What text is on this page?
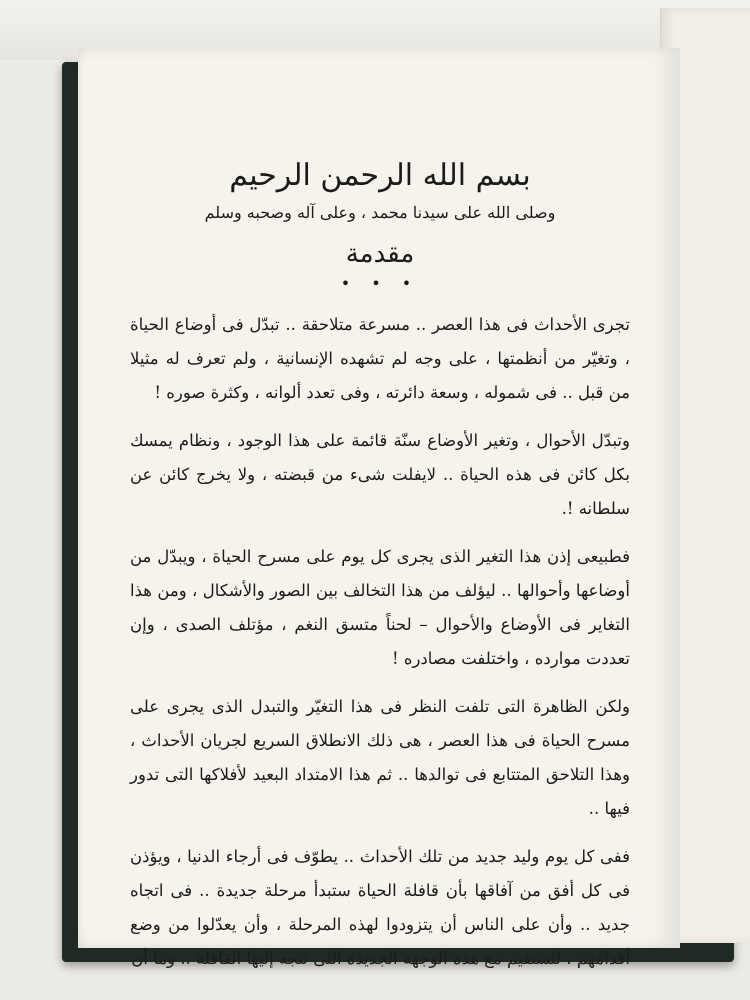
بسم الله الرحمن الرحيم
وصلى الله على سيدنا محمد ، وعلى آله وصحبه وسلم
مقدمة
• • •

تجرى الأحداث فى هذا العصر .. مسرعة متلاحقة .. تبدّل فى أوضاع الحياة ، وتغيّر من أنظمتها ، على وجه لم تشهده الإنسانية ، ولم تعرف له مثيلا من قبل .. فى شموله ، وسعة دائرته ، وفى تعدد ألوانه ، وكثرة صوره !

وتبدّل الأحوال ، وتغير الأوضاع سنّة قائمة على هذا الوجود ، ونظام يمسك بكل كائن فى هذه الحياة .. لايفلت شىء من قبضته ، ولا يخرج كائن عن سلطانه !.

فطبيعى إذن هذا التغير الذى يجرى كل يوم على مسرح الحياة ، ويبدّل من أوضاعها وأحوالها .. ليؤلف من هذا التخالف بين الصور والأشكال ، ومن هذا التغاير فى الأوضاع والأحوال – لحناً متسق النغم ، مؤتلف الصدى ، وإن تعددت موارده ، واختلفت مصادره !

ولكن الظاهرة التى تلفت النظر فى هذا التغيّر والتبدل الذى يجرى على مسرح الحياة فى هذا العصر ، هى ذلك الانطلاق السريع لجريان الأحداث ، وهذا التلاحق المتتابع فى توالدها .. ثم هذا الامتداد البعيد لأفلاكها التى تدور فيها ..

ففى كل يوم وليد جديد من تلك الأحداث .. يطوّف فى أرجاء الدنيا ، ويؤذن فى كل أفق من آفاقها بأن قافلة الحياة ستبدأ مرحلة جديدة .. فى اتجاه جديد .. وأن على الناس أن يتزودوا لهذه المرحلة ، وأن يعدّلوا من وضع أقدامهم ، لتستقيم مع هذه الوجهة الجديدة التى تتجه إليها القافلة .. وما أن
